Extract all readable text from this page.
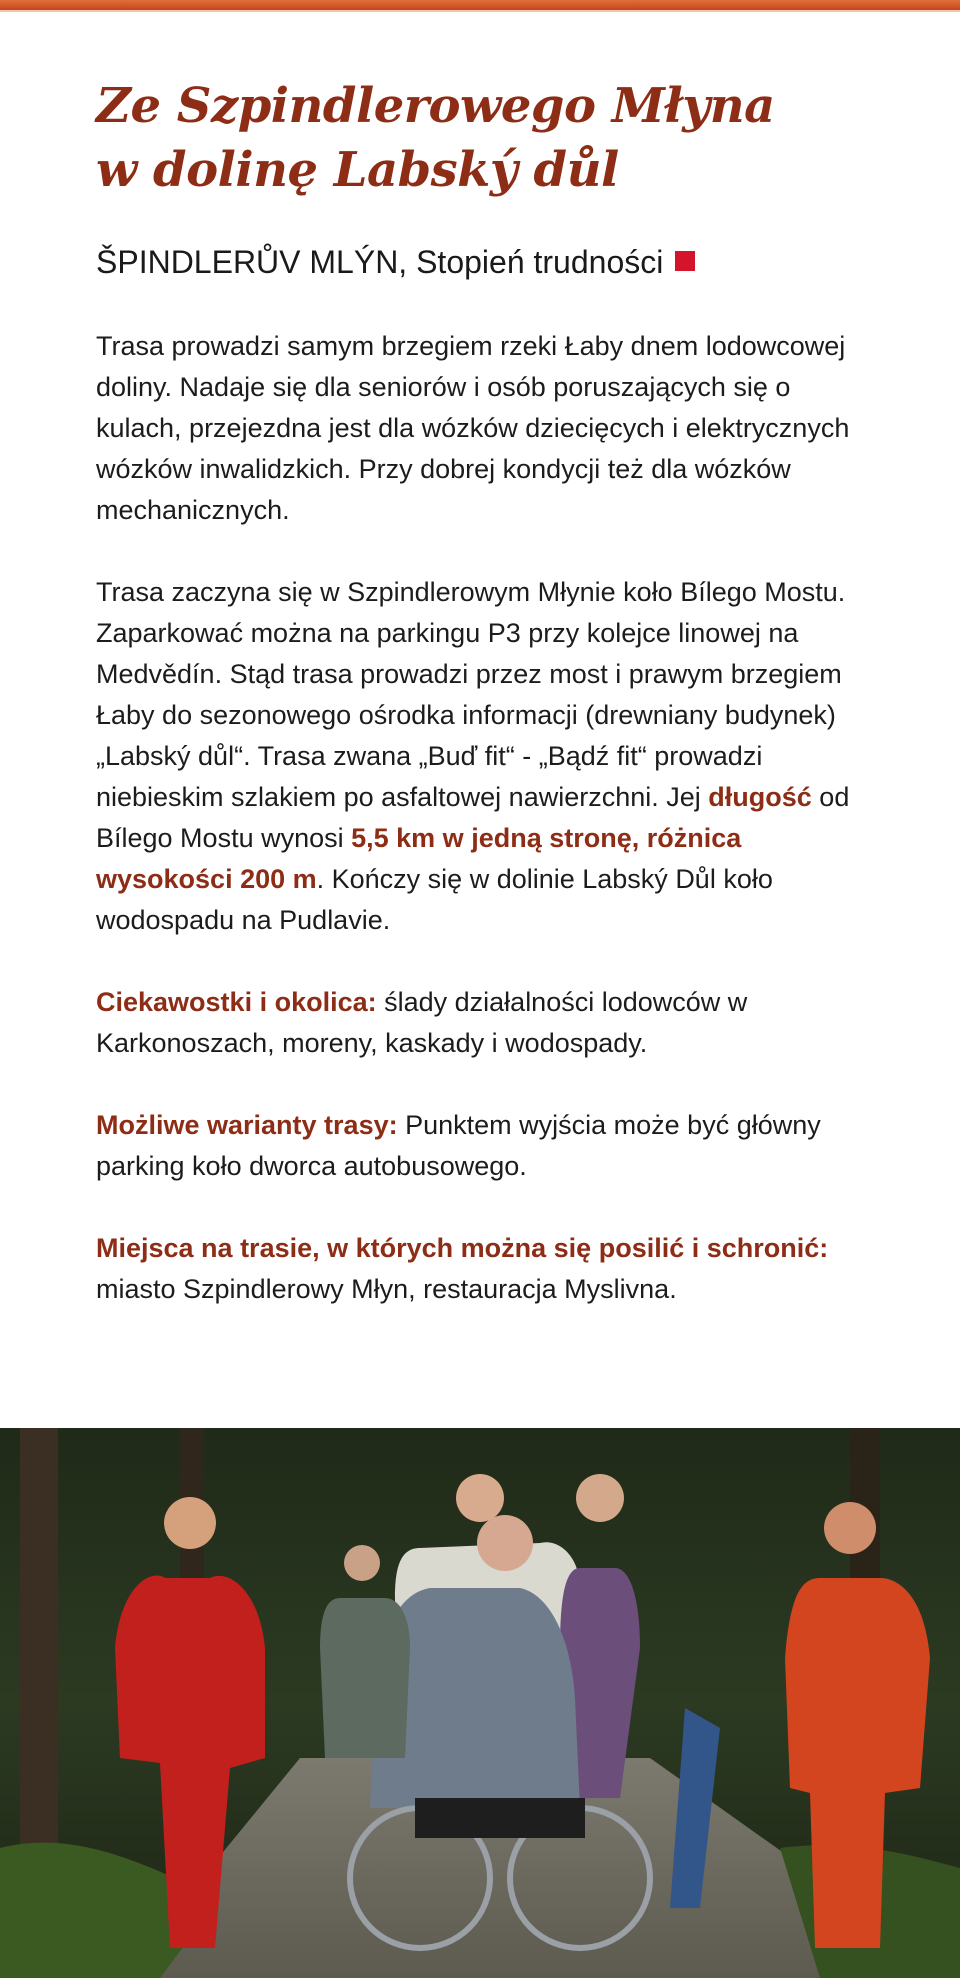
Ze Szpindlerowego Młyna
w dolinę Labský důl
ŠPINDLERŮV MLÝN, Stopień trudności

Trasa prowadzi samym brzegiem rzeki Łaby dnem lodowcowej doliny. Nadaje się dla seniorów i osób poruszających się o kulach, przejezdna jest dla wózków dziecięcych i elektrycznych wózków inwalidzkich. Przy dobrej kondycji też dla wózków mechanicznych.

Trasa zaczyna się w Szpindlerowym Młynie koło Bílego Mostu. Zaparkować można na parkingu P3 przy kolejce linowej na Medvědín. Stąd trasa prowadzi przez most i prawym brzegiem Łaby do sezonowego ośrodka informacji (drewniany budynek) „Labský důl“. Trasa zwana „Buď fit“ - „Bądź fit“ prowadzi niebieskim szlakiem po asfaltowej nawierzchni. Jej długość od Bílego Mostu wynosi 5,5 km w jedną stronę, różnica wysokości 200 m. Kończy się w dolinie Labský Důl koło wodospadu na Pudlavie.

Ciekawostki i okolica: ślady działalności lodowców w Karkonoszach, moreny, kaskady i wodospady.

Możliwe warianty trasy: Punktem wyjścia może być główny parking koło dworca autobusowego.

Miejsca na trasie, w których można się posilić i schronić: miasto Szpindlerowy Młyn, restauracja Myslivna.
